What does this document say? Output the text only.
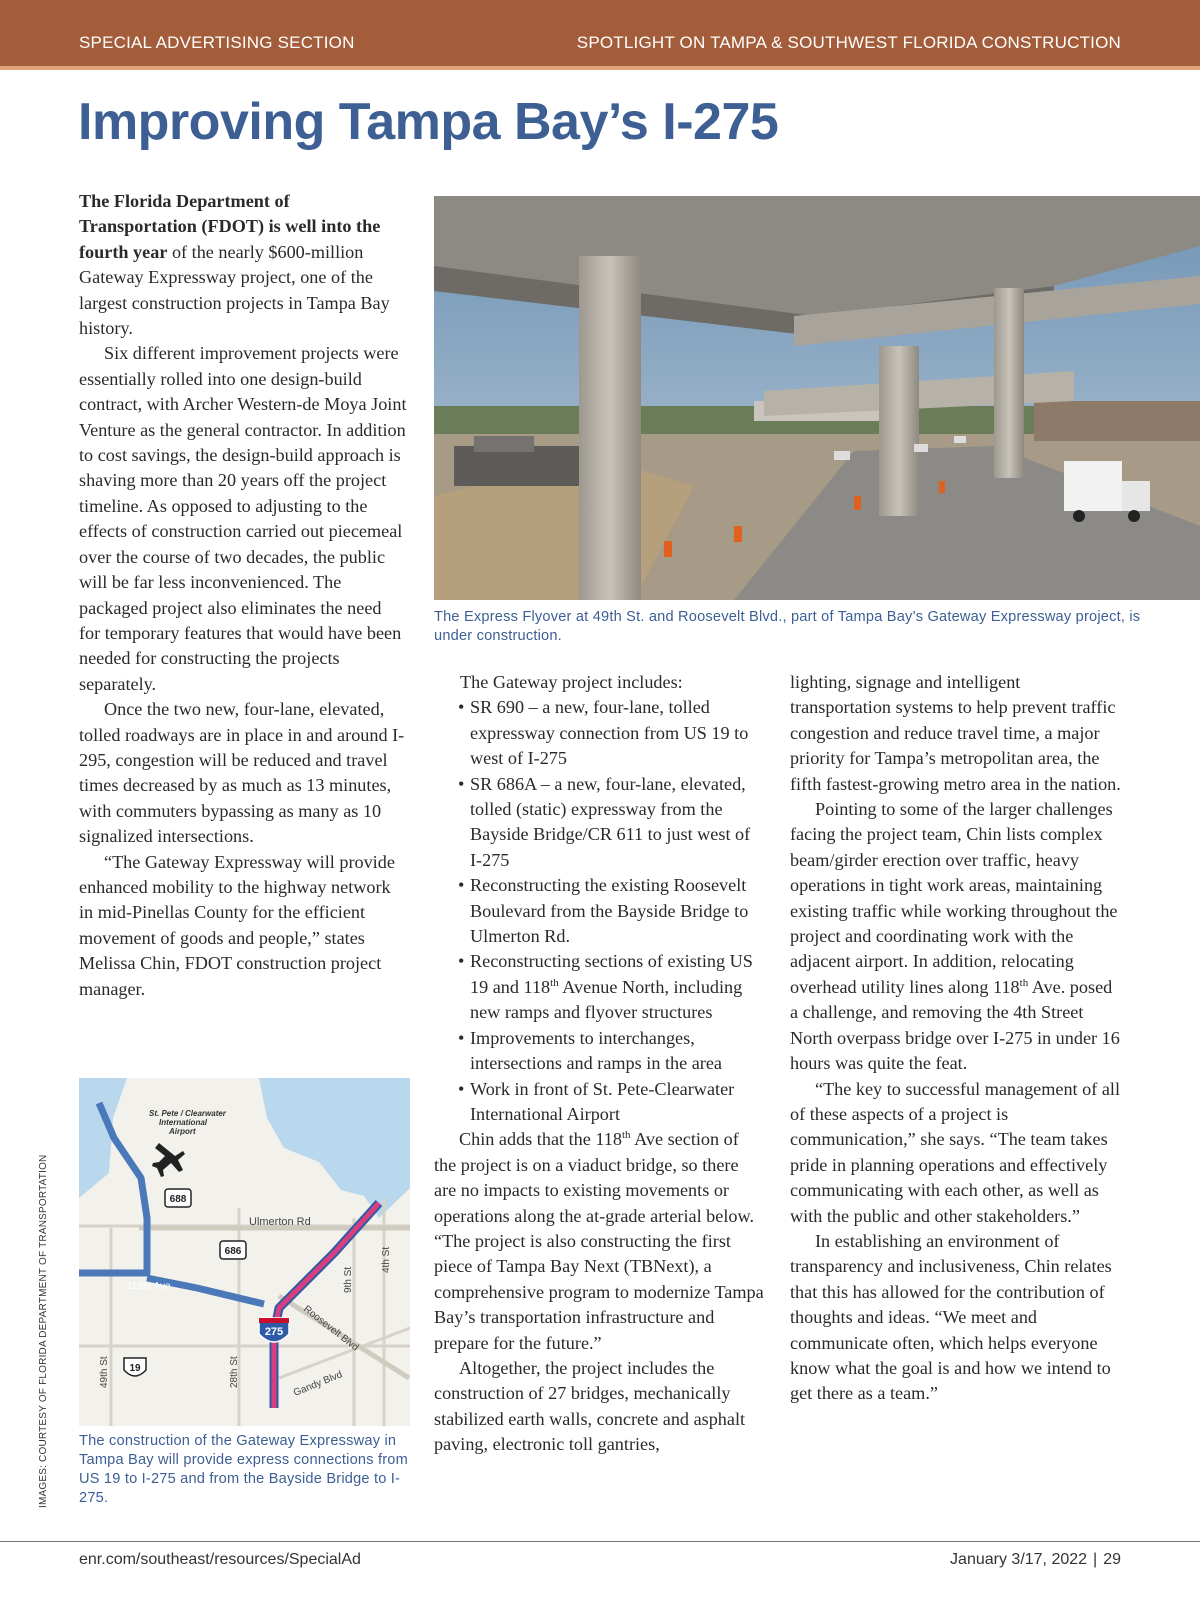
SPECIAL ADVERTISING SECTION	SPOTLIGHT ON TAMPA & SOUTHWEST FLORIDA CONSTRUCTION
Improving Tampa Bay’s I-275

The Florida Department of Transportation (FDOT) is well into the fourth year of the nearly $600-million Gateway Expressway project, one of the largest construction projects in Tampa Bay history.

Six different improvement projects were essentially rolled into one design-build contract, with Archer Western-de Moya Joint Venture as the general contractor. In addition to cost savings, the design-build approach is shaving more than 20 years off the project timeline. As opposed to adjusting to the effects of construction carried out piecemeal over the course of two decades, the public will be far less inconvenienced. The packaged project also eliminates the need for temporary features that would have been needed for constructing the projects separately.

Once the two new, four-lane, elevated, tolled roadways are in place in and around I-295, congestion will be reduced and travel times decreased by as much as 13 minutes, with commuters bypassing as many as 10 signalized intersections.

“The Gateway Expressway will provide enhanced mobility to the highway network in mid-Pinellas County for the efficient movement of goods and people,” states Melissa Chin, FDOT construction project manager.

The Express Flyover at 49th St. and Roosevelt Blvd., part of Tampa Bay’s Gateway Expressway project, is under construction.

The Gateway project includes:

• SR 690 – a new, four-lane, tolled expressway connection from US 19 to west of I-275
• SR 686A – a new, four-lane, elevated, tolled (static) expressway from the Bayside Bridge/CR 611 to just west of I-275
• Reconstructing the existing Roosevelt Boulevard from the Bayside Bridge to Ulmerton Rd.
• Reconstructing sections of existing US 19 and 118th Avenue North, including new ramps and flyover structures
• Improvements to interchanges, intersections and ramps in the area
• Work in front of St. Pete-Clearwater International Airport

Chin adds that the 118th Ave section of the project is on a viaduct bridge, so there are no impacts to existing movements or operations along the at-grade arterial below. “The project is also constructing the first piece of Tampa Bay Next (TBNext), a comprehensive program to modernize Tampa Bay’s transportation infrastructure and prepare for the future.”

Altogether, the project includes the construction of 27 bridges, mechanically stabilized earth walls, concrete and asphalt paving, electronic toll gantries,

lighting, signage and intelligent transportation systems to help prevent traffic congestion and reduce travel time, a major priority for Tampa’s metropolitan area, the fifth fastest-growing metro area in the nation.

Pointing to some of the larger challenges facing the project team, Chin lists complex beam/girder erection over traffic, heavy operations in tight work areas, maintaining existing traffic while working throughout the project and coordinating work with the adjacent airport. In addition, relocating overhead utility lines along 118th Ave. posed a challenge, and removing the 4th Street North overpass bridge over I-275 in under 16 hours was quite the feat.

“The key to successful management of all of these aspects of a project is communication,” she says. “The team takes pride in planning operations and effectively communicating with each other, as well as with the public and other stakeholders.”

In establishing an environment of transparency and inclusiveness, Chin relates that this has allowed for the contribution of thoughts and ideas. “We meet and communicate often, which helps everyone know what the goal is and how we intend to get there as a team.”

St. Pete / Clearwater
International
Airport
Ulmerton Rd
118th Ave
49th St	28th St
9th St
4th St
Roosevelt Blvd
Gandy Blvd
688
686
275
19
The construction of the Gateway Expressway in Tampa Bay will provide express connections from US 19 to I-275 and from the Bayside Bridge to I-275.
IMAGES: COURTESY OF FLORIDA DEPARTMENT OF TRANSPORTATION
enr.com/southeast/resources/SpecialAd	January 3/17, 2022 | 29
